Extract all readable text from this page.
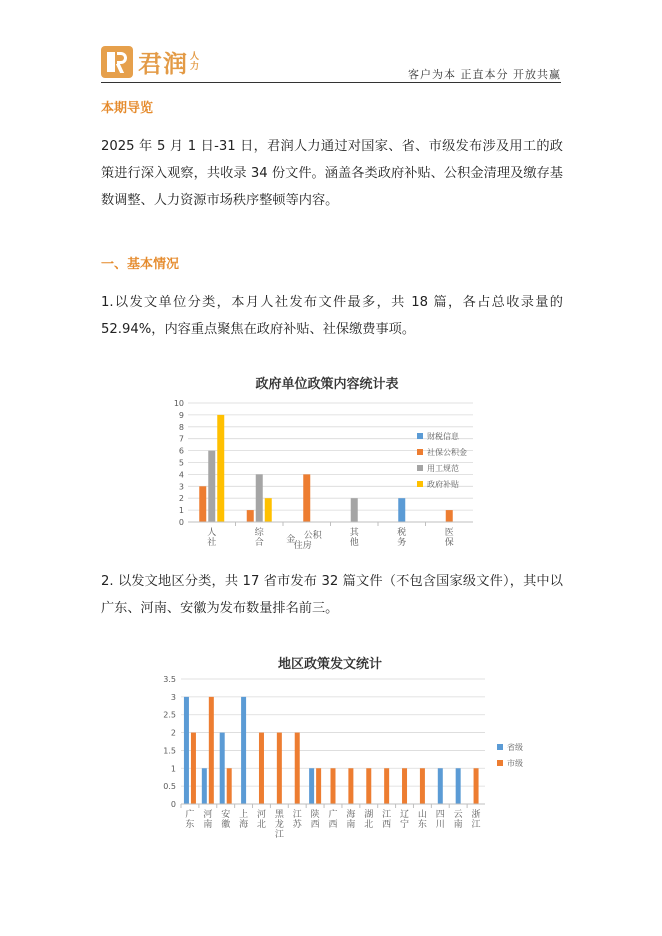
君润 人
力
客户为本 正直本分 开放共赢
本期导览
2025 年 5 月 1 日-31 日，君润人力通过对国家、省、市级发布涉及用工的政策进行深入观察，共收录 34 份文件。涵盖各类政府补贴、公积金清理及缴存基数调整、人力资源市场秩序整顿等内容。
一、基本情况
1.以发文单位分类，本月人社发布文件最多，共 18 篇，各占总收录量的 52.94%，内容重点聚焦在政府补贴、社保缴费事项。
政府单位政策内容统计表
0
1
2
3
4
5
6
7
8
9
10
人
社
综
合 金 公积
住房
其
他
税
务
医
保
财税信息
社保公积金
用工规范
政府补贴
2. 以发文地区分类，共 17 省市发布 32 篇文件（不包含国家级文件），其中以广东、河南、安徽为发布数量排名前三。
地区政策发文统计
0
0.5
1
1.5
2
2.5
3
3.5
广
东
河
南
安
徽
上
海
河
北
黑
龙
江
江
苏
陕
西
广
西
海
南
湖
北
江
西
辽
宁
山
东
四
川
云
南
浙
江
省级
市级
